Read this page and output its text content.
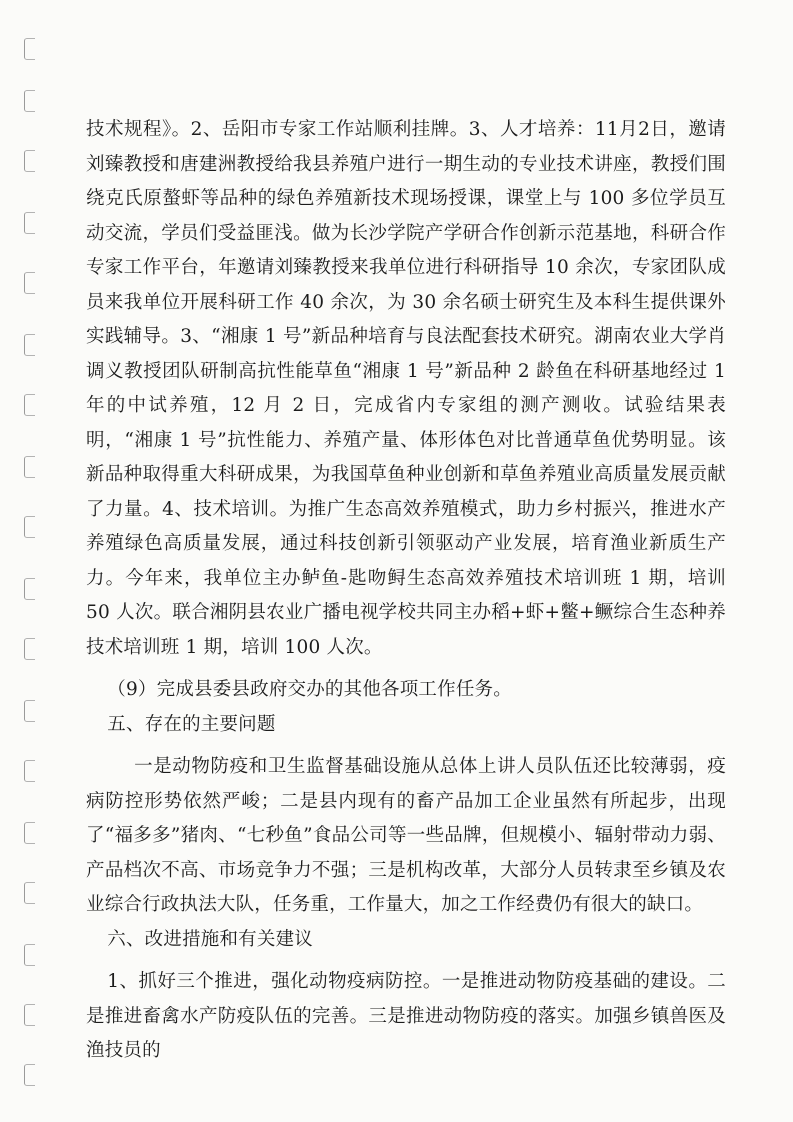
技术规程》。2、岳阳市专家工作站顺利挂牌。3、人才培养：11月2日，邀请刘臻教授和唐建洲教授给我县养殖户进行一期生动的专业技术讲座，教授们围绕克氏原螯虾等品种的绿色养殖新技术现场授课，课堂上与 100 多位学员互动交流，学员们受益匪浅。做为长沙学院产学研合作创新示范基地，科研合作专家工作平台，年邀请刘臻教授来我单位进行科研指导 10 余次，专家团队成员来我单位开展科研工作 40 余次，为 30 余名硕士研究生及本科生提供课外实践辅导。3、“湘康 1 号”新品种培育与良法配套技术研究。湖南农业大学肖调义教授团队研制高抗性能草鱼“湘康 1 号”新品种 2 龄鱼在科研基地经过 1 年的中试养殖，12 月 2 日，完成省内专家组的测产测收。试验结果表明，“湘康 1 号”抗性能力、养殖产量、体形体色对比普通草鱼优势明显。该新品种取得重大科研成果，为我国草鱼种业创新和草鱼养殖业高质量发展贡献了力量。4、技术培训。为推广生态高效养殖模式，助力乡村振兴，推进水产养殖绿色高质量发展，通过科技创新引领驱动产业发展，培育渔业新质生产力。今年来，我单位主办鲈鱼-匙吻鲟生态高效养殖技术培训班 1 期，培训 50 人次。联合湘阴县农业广播电视学校共同主办稻+虾+鳖+鳜综合生态种养技术培训班 1 期，培训 100 人次。

（9）完成县委县政府交办的其他各项工作任务。

五、存在的主要问题

一是动物防疫和卫生监督基础设施从总体上讲人员队伍还比较薄弱，疫病防控形势依然严峻；二是县内现有的畜产品加工企业虽然有所起步，出现了“福多多”猪肉、“七秒鱼”食品公司等一些品牌，但规模小、辐射带动力弱、产品档次不高、市场竞争力不强；三是机构改革，大部分人员转隶至乡镇及农业综合行政执法大队，任务重，工作量大，加之工作经费仍有很大的缺口。

六、改进措施和有关建议

1、抓好三个推进，强化动物疫病防控。一是推进动物防疫基础的建设。二是推进畜禽水产防疫队伍的完善。三是推进动物防疫的落实。加强乡镇兽医及渔技员的
